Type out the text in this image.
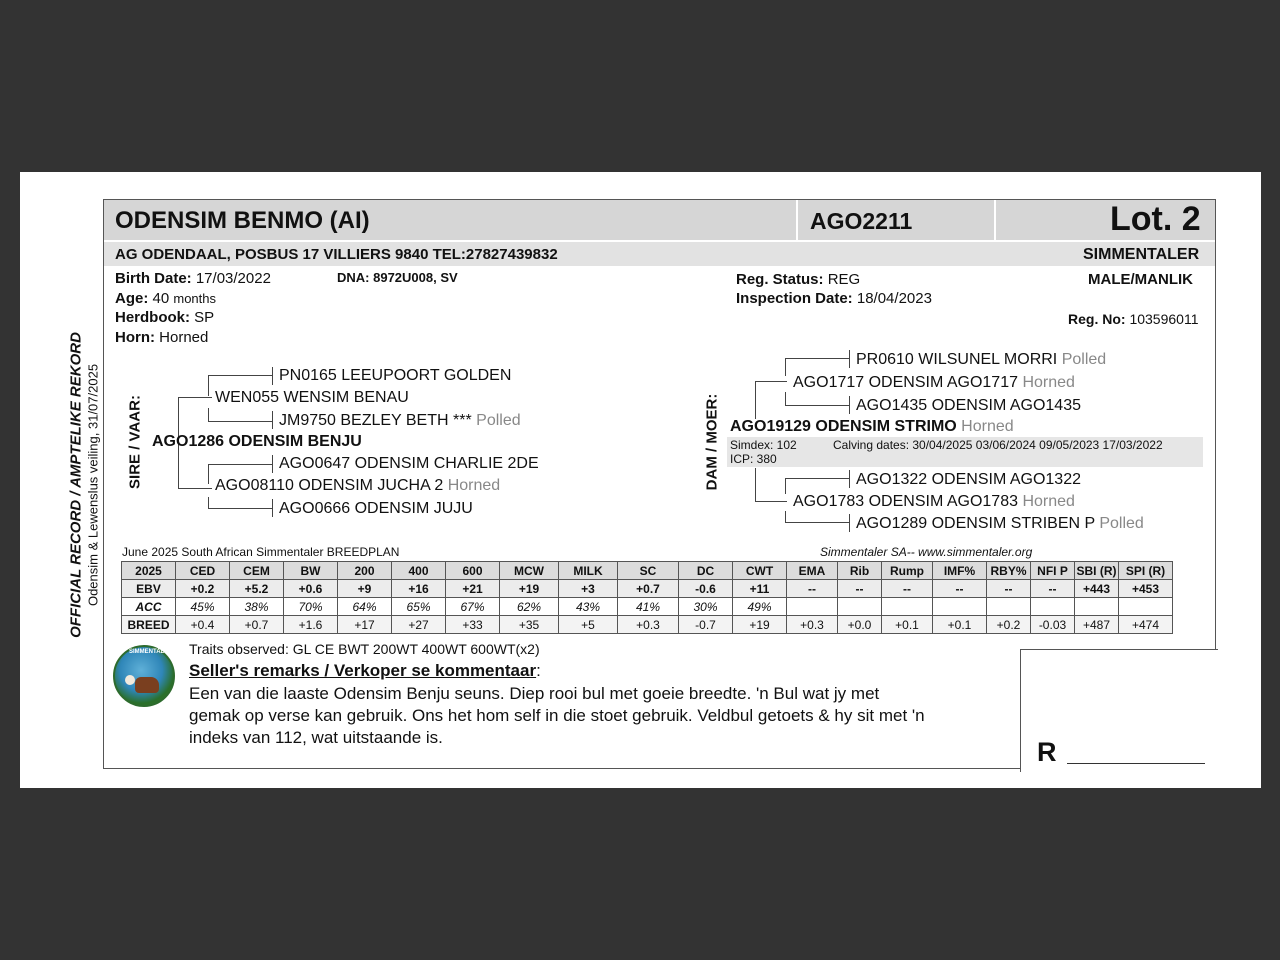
OFFICIAL RECORD / AMPTELIKE REKORD Odensim & Lewenslus veiling, 31/07/2025
ODENSIM BENMO (AI)	AGO2211	Lot. 2
AG ODENDAAL, POSBUS 17 VILLIERS 9840 TEL:27827439832	SIMMENTALER
Birth Date: 17/03/2022	DNA: 8972U008, SV
Age: 40 months
Herdbook: SP
Horn: Horned
Reg. Status: REG
Inspection Date: 18/04/2023
MALE/MANLIK
Reg. No: 103596011
SIRE / VAAR:
PN0165 LEEUPOORT GOLDEN
WEN055 WENSIM BENAU
JM9750 BEZLEY BETH *** Polled
AGO1286 ODENSIM BENJU
AGO0647 ODENSIM CHARLIE 2DE
AGO08110 ODENSIM JUCHA 2 Horned
AGO0666 ODENSIM JUJU
DAM / MOER:
PR0610 WILSUNEL MORRI Polled
AGO1717 ODENSIM AGO1717 Horned
AGO1435 ODENSIM AGO1435
AGO19129 ODENSIM STRIMO Horned
Simdex: 102	Calving dates: 30/04/2025 03/06/2024 09/05/2023 17/03/2022
ICP: 380
AGO1322 ODENSIM AGO1322
AGO1783 ODENSIM AGO1783 Horned
AGO1289 ODENSIM STRIBEN P Polled
June 2025 South African Simmentaler BREEDPLAN	Simmentaler SA-- www.simmentaler.org
2025	CED	CEM	BW	200	400	600	MCW	MILK	SC	DC	CWT	EMA	Rib	Rump	IMF%	RBY%	NFI P	SBI (R)	SPI (R)
EBV	+0.2	+5.2	+0.6	+9	+16	+21	+19	+3	+0.7	-0.6	+11	--	--	--	--	--	--	+443	+453
ACC	45%	38%	70%	64%	65%	67%	62%	43%	41%	30%	49%								
BREED	+0.4	+0.7	+1.6	+17	+27	+33	+35	+5	+0.3	-0.7	+19	+0.3	+0.0	+0.1	+0.1	+0.2	-0.03	+487	+474
SIMMENTALER Traits observed: GL CE BWT 200WT 400WT 600WT(x2)
Seller's remarks / Verkoper se kommentaar:
Een van die laaste Odensim Benju seuns. Diep rooi bul met goeie breedte. 'n Bul wat jy met
gemak op verse kan gebruik. Ons het hom self in die stoet gebruik. Veldbul getoets & hy sit met 'n
indeks van 112, wat uitstaande is.	R
